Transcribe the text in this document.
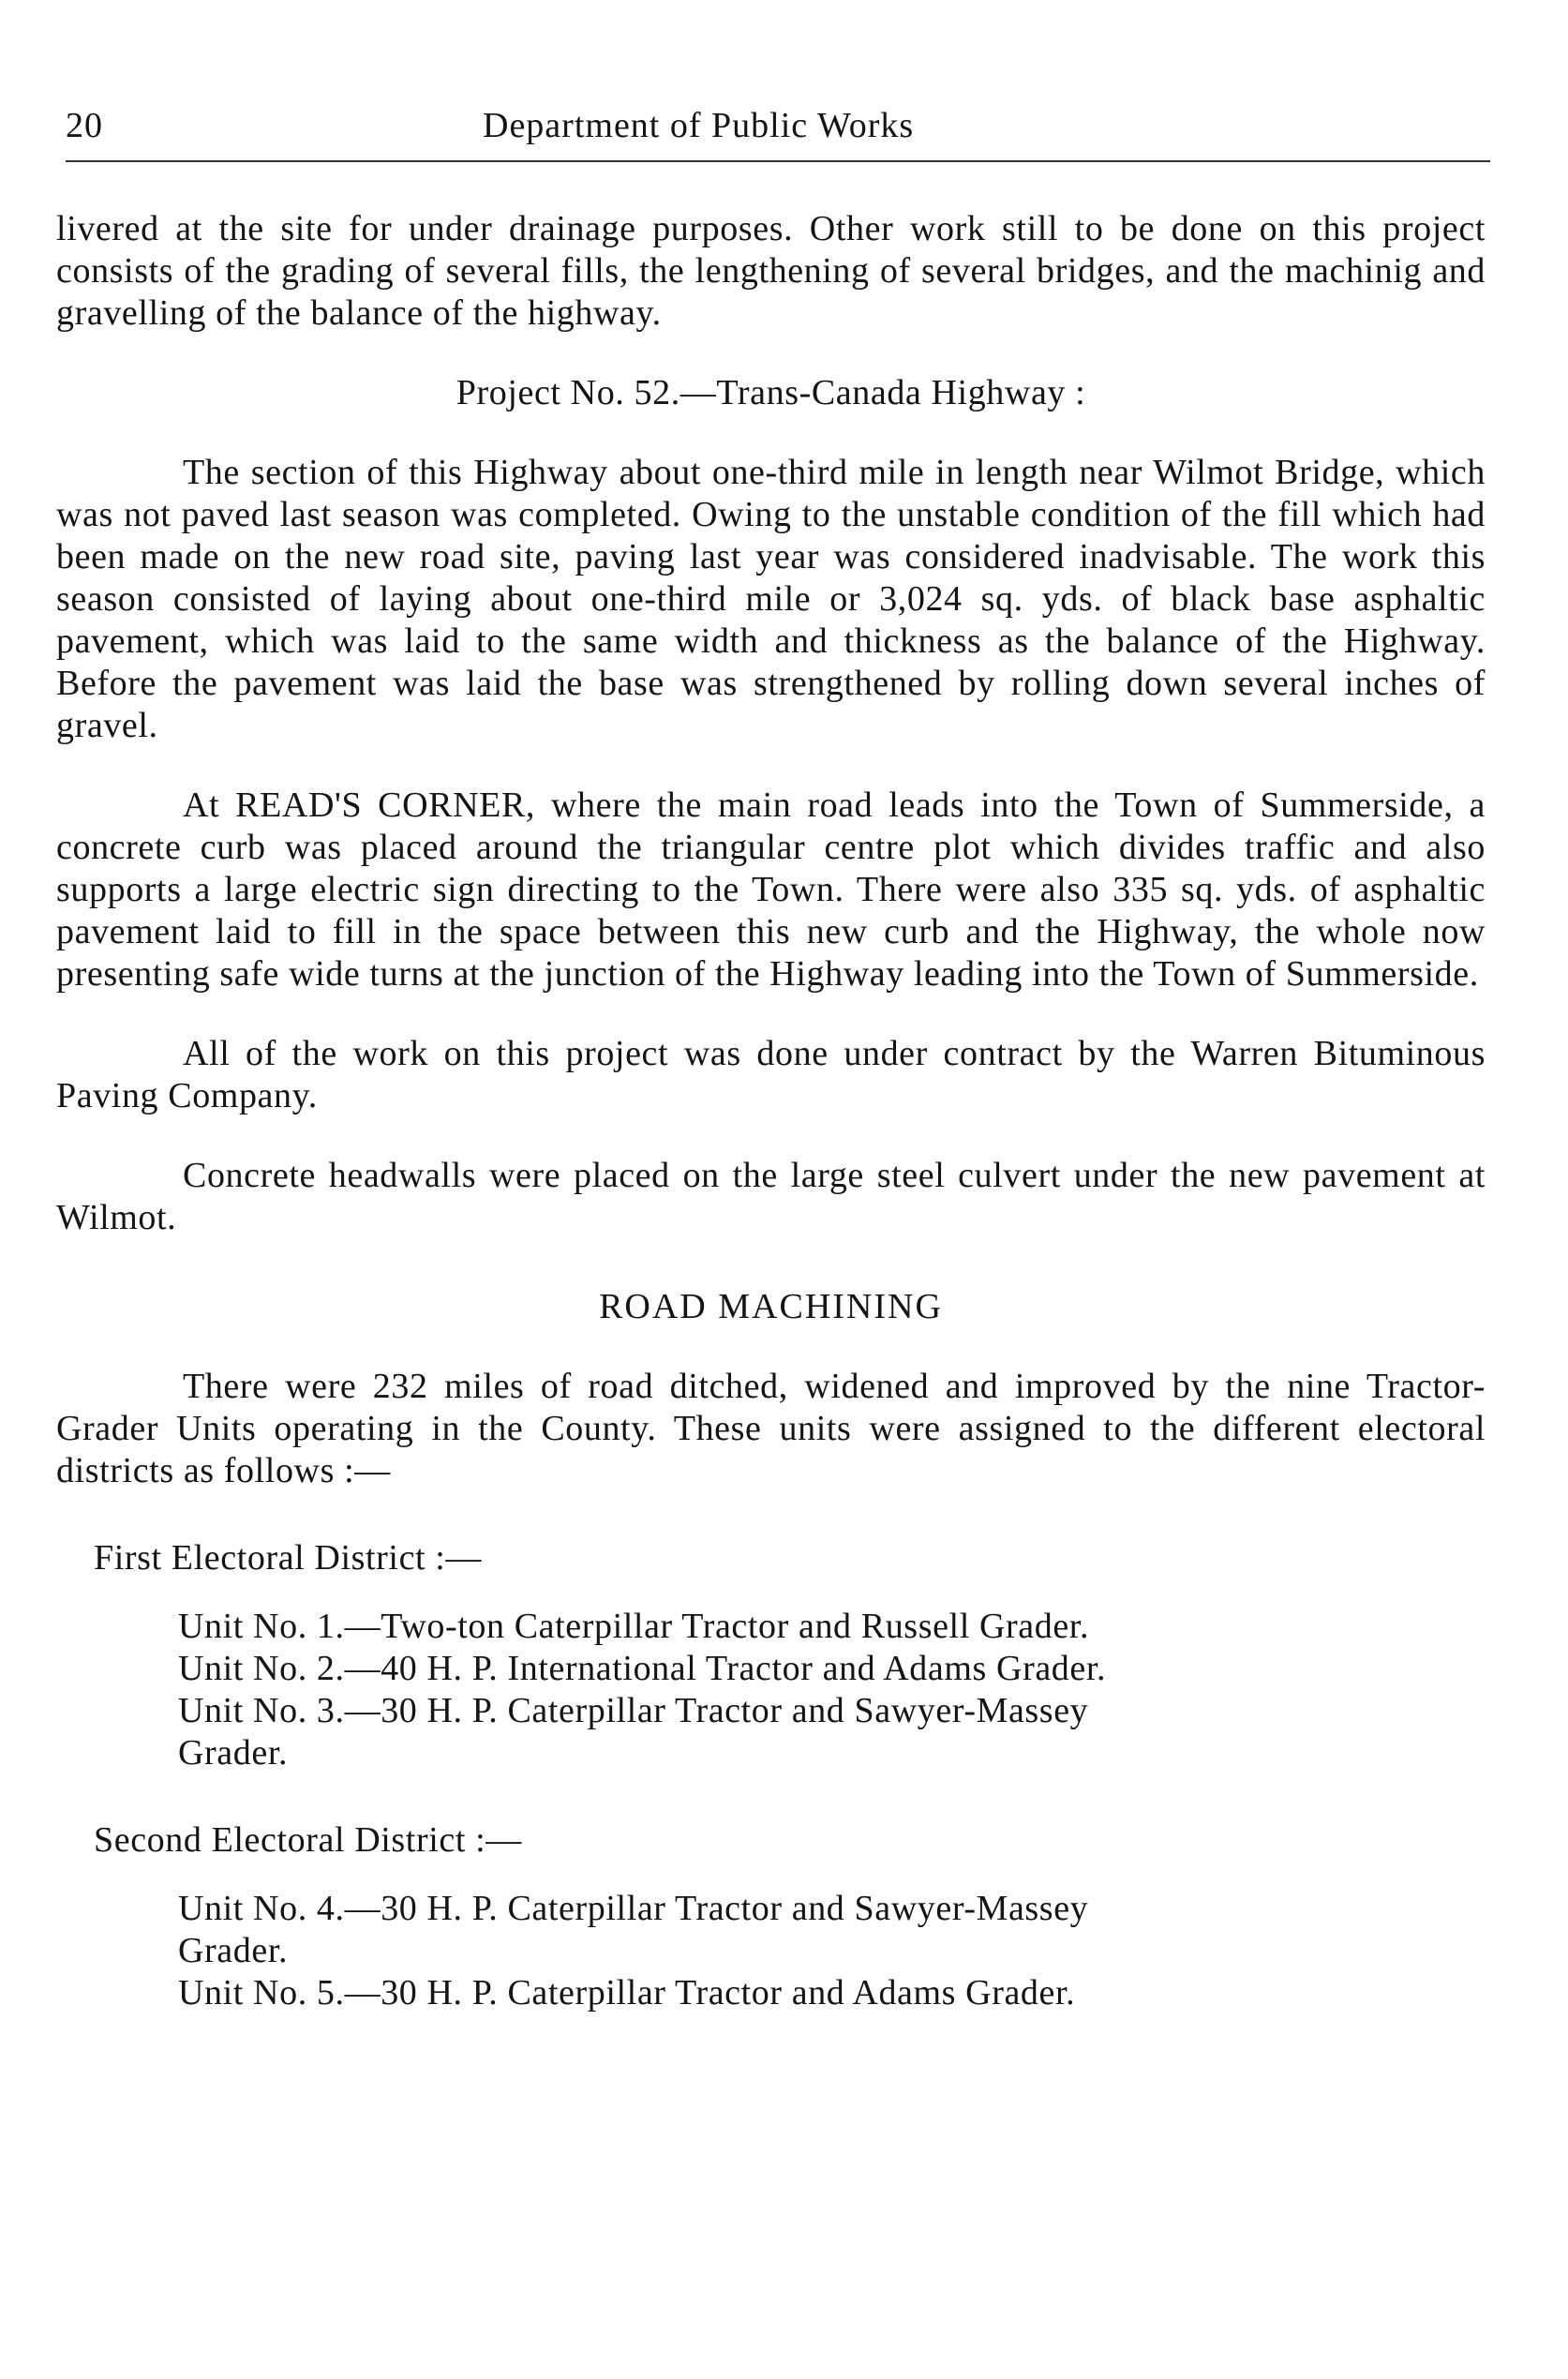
20	Department of Public Works

livered at the site for under drainage purposes. Other work still to be done on this project consists of the grading of several fills, the lengthening of several bridges, and the machinig and gravelling of the balance of the highway.

Project No. 52.—Trans-Canada Highway :

The section of this Highway about one-third mile in length near Wilmot Bridge, which was not paved last season was completed. Owing to the unstable condition of the fill which had been made on the new road site, paving last year was considered inadvisable. The work this season consisted of laying about one-third mile or 3,024 sq. yds. of black base asphaltic pavement, which was laid to the same width and thickness as the balance of the Highway. Before the pavement was laid the base was strengthened by rolling down several inches of gravel.

At READ'S CORNER, where the main road leads into the Town of Summerside, a concrete curb was placed around the triangular centre plot which divides traffic and also supports a large electric sign directing to the Town. There were also 335 sq. yds. of asphaltic pavement laid to fill in the space between this new curb and the Highway, the whole now presenting safe wide turns at the junction of the Highway leading into the Town of Summerside.

All of the work on this project was done under contract by the Warren Bituminous Paving Company.

Concrete headwalls were placed on the large steel culvert under the new pavement at Wilmot.

ROAD MACHINING

There were 232 miles of road ditched, widened and improved by the nine Tractor-Grader Units operating in the County. These units were assigned to the different electoral districts as follows :—

First Electoral District :—

Unit No. 1.—Two-ton Caterpillar Tractor and Russell Grader.
Unit No. 2.—40 H. P. International Tractor and Adams Grader.
Unit No. 3.—30 H. P. Caterpillar Tractor and Sawyer-Massey
Grader.

Second Electoral District :—

Unit No. 4.—30 H. P. Caterpillar Tractor and Sawyer-Massey
Grader.
Unit No. 5.—30 H. P. Caterpillar Tractor and Adams Grader.
